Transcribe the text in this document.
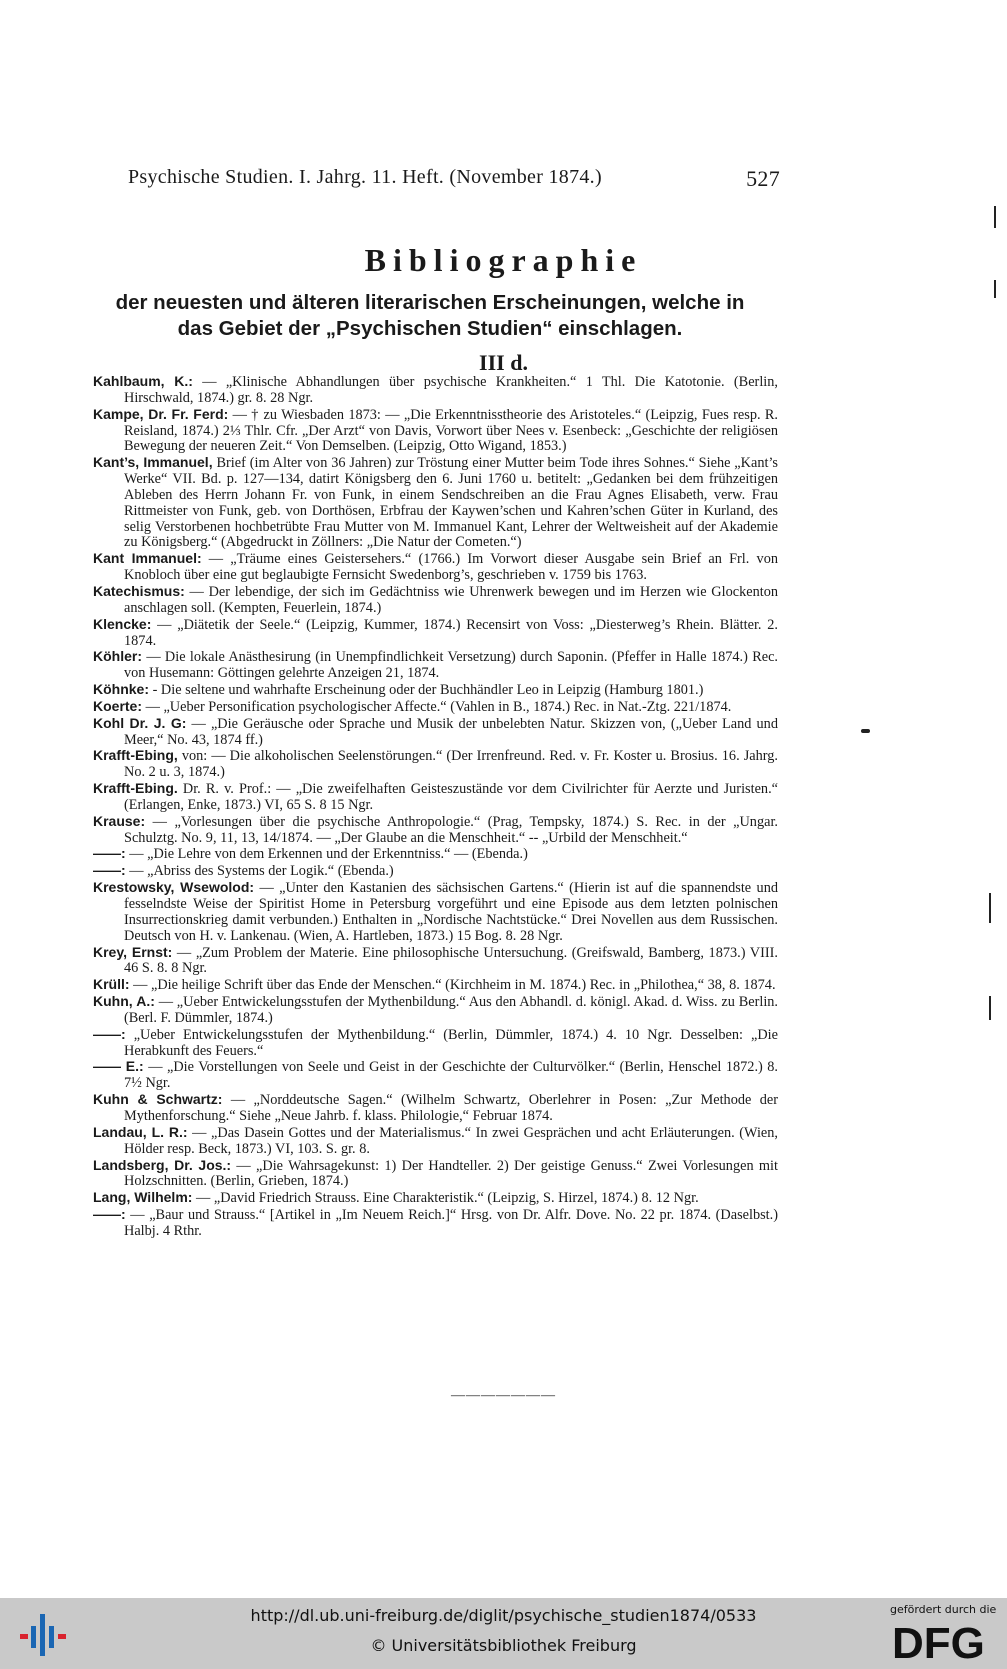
Psychische Studien. I. Jahrg. 11. Heft. (November 1874.)	527
Bibliographie
der neuesten und älteren literarischen Erscheinungen, welche in
das Gebiet der „Psychischen Studien“ einschlagen.
III d.

Kahlbaum, K.: — „Klinische Abhandlungen über psychische Krankheiten.“ 1 Thl. Die Katotonie. (Berlin, Hirschwald, 1874.) gr. 8. 28 Ngr.

Kampe, Dr. Fr. Ferd: — † zu Wiesbaden 1873: — „Die Erkenntnisstheorie des Aristoteles.“ (Leipzig, Fues resp. R. Reisland, 1874.) 2⅓ Thlr. Cfr. „Der Arzt“ von Davis, Vorwort über Nees v. Esenbeck: „Geschichte der religiösen Bewegung der neueren Zeit.“ Von Demselben. (Leipzig, Otto Wigand, 1853.)

Kant’s, Immanuel, Brief (im Alter von 36 Jahren) zur Tröstung einer Mutter beim Tode ihres Sohnes.“ Siehe „Kant’s Werke“ VII. Bd. p. 127—134, datirt Königsberg den 6. Juni 1760 u. betitelt: „Gedanken bei dem frühzeitigen Ableben des Herrn Johann Fr. von Funk, in einem Sendschreiben an die Frau Agnes Elisabeth, verw. Frau Rittmeister von Funk, geb. von Dorthösen, Erbfrau der Kaywen’schen und Kahren’schen Güter in Kurland, des selig Verstorbenen hochbetrübte Frau Mutter von M. Immanuel Kant, Lehrer der Weltweisheit auf der Akademie zu Königsberg.“ (Abgedruckt in Zöllners: „Die Natur der Cometen.“)

Kant Immanuel: — „Träume eines Geistersehers.“ (1766.) Im Vorwort dieser Ausgabe sein Brief an Frl. von Knobloch über eine gut beglaubigte Fernsicht Swedenborg’s, geschrieben v. 1759 bis 1763.

Katechismus: — Der lebendige, der sich im Gedächtniss wie Uhrenwerk bewegen und im Herzen wie Glockenton anschlagen soll. (Kempten, Feuerlein, 1874.)

Klencke: — „Diätetik der Seele.“ (Leipzig, Kummer, 1874.) Recensirt von Voss: „Diesterweg’s Rhein. Blätter. 2. 1874.

Köhler: — Die lokale Anästhesirung (in Unempfindlichkeit Versetzung) durch Saponin. (Pfeffer in Halle 1874.) Rec. von Husemann: Göttingen gelehrte Anzeigen 21, 1874.

Köhnke: - Die seltene und wahrhafte Erscheinung oder der Buchhändler Leo in Leipzig (Hamburg 1801.)

Koerte: — „Ueber Personification psychologischer Affecte.“ (Vahlen in B., 1874.) Rec. in Nat.-Ztg. 221/1874.

Kohl Dr. J. G: — „Die Geräusche oder Sprache und Musik der unbelebten Natur. Skizzen von, („Ueber Land und Meer,“ No. 43, 1874 ff.)

Krafft-Ebing, von: — Die alkoholischen Seelenstörungen.“ (Der Irrenfreund. Red. v. Fr. Koster u. Brosius. 16. Jahrg. No. 2 u. 3, 1874.)

Krafft-Ebing. Dr. R. v. Prof.: — „Die zweifelhaften Geisteszustände vor dem Civilrichter für Aerzte und Juristen.“ (Erlangen, Enke, 1873.) VI, 65 S. 8 15 Ngr.

Krause: — „Vorlesungen über die psychische Anthropologie.“ (Prag, Tempsky, 1874.) S. Rec. in der „Ungar. Schulztg. No. 9, 11, 13, 14/1874. — „Der Glaube an die Menschheit.“ -- „Urbild der Menschheit.“

——: — „Die Lehre von dem Erkennen und der Erkenntniss.“ — (Ebenda.)

——: — „Abriss des Systems der Logik.“ (Ebenda.)

Krestowsky, Wsewolod: — „Unter den Kastanien des sächsischen Gartens.“ (Hierin ist auf die spannendste und fesselndste Weise der Spiritist Home in Petersburg vorgeführt und eine Episode aus dem letzten polnischen Insurrectionskrieg damit verbunden.) Enthalten in „Nordische Nachtstücke.“ Drei Novellen aus dem Russischen. Deutsch von H. v. Lankenau. (Wien, A. Hartleben, 1873.) 15 Bog. 8. 28 Ngr.

Krey, Ernst: — „Zum Problem der Materie. Eine philosophische Untersuchung. (Greifswald, Bamberg, 1873.) VIII. 46 S. 8. 8 Ngr.

Krüll: — „Die heilige Schrift über das Ende der Menschen.“ (Kirchheim in M. 1874.) Rec. in „Philothea,“ 38, 8. 1874.

Kuhn, A.: — „Ueber Entwickelungsstufen der Mythenbildung.“ Aus den Abhandl. d. königl. Akad. d. Wiss. zu Berlin. (Berl. F. Dümmler, 1874.)

——: „Ueber Entwickelungsstufen der Mythenbildung.“ (Berlin, Dümmler, 1874.) 4. 10 Ngr. Desselben: „Die Herabkunft des Feuers.“

—— E.: — „Die Vorstellungen von Seele und Geist in der Geschichte der Culturvölker.“ (Berlin, Henschel 1872.) 8. 7½ Ngr.

Kuhn & Schwartz: — „Norddeutsche Sagen.“ (Wilhelm Schwartz, Oberlehrer in Posen: „Zur Methode der Mythenforschung.“ Siehe „Neue Jahrb. f. klass. Philologie,“ Februar 1874.

Landau, L. R.: — „Das Dasein Gottes und der Materialismus.“ In zwei Gesprächen und acht Erläuterungen. (Wien, Hölder resp. Beck, 1873.) VI, 103. S. gr. 8.

Landsberg, Dr. Jos.: — „Die Wahrsagekunst: 1) Der Handteller. 2) Der geistige Genuss.“ Zwei Vorlesungen mit Holzschnitten. (Berlin, Grieben, 1874.)

Lang, Wilhelm: — „David Friedrich Strauss. Eine Charakteristik.“ (Leipzig, S. Hirzel, 1874.) 8. 12 Ngr.

——: — „Baur und Strauss.“ [Artikel in „Im Neuem Reich.]“ Hrsg. von Dr. Alfr. Dove. No. 22 pr. 1874. (Daselbst.) Halbj. 4 Rthr.

———————
http://dl.ub.uni-freiburg.de/diglit/psychische_studien1874/0533
© Universitätsbibliothek Freiburg
gefördert durch die
DFG
